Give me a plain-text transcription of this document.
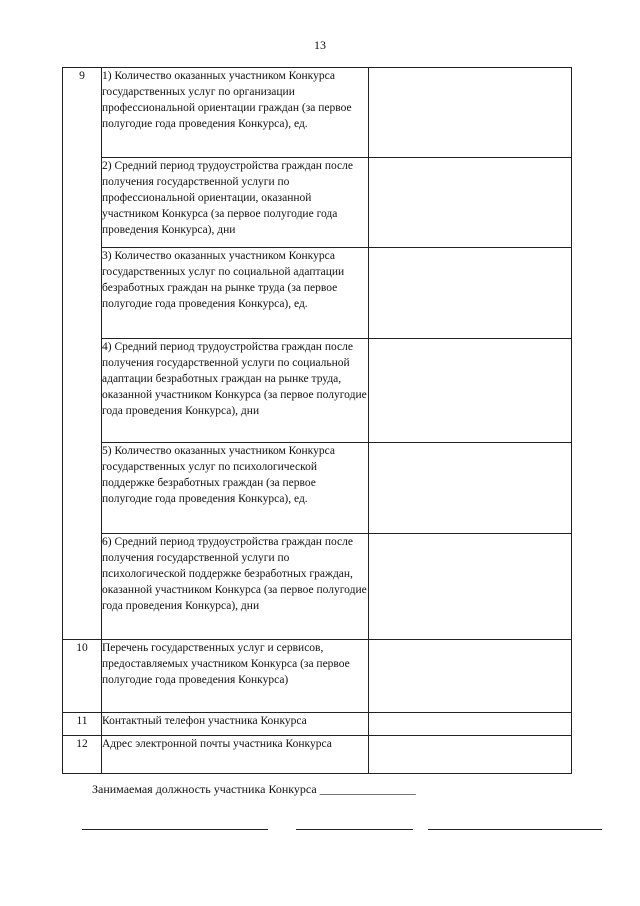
13
9	1) Количество оказанных участником Конкурса государственных услуг по организации профессиональной ориентации граждан (за первое полугодие года проведения Конкурса), ед.	
	2) Средний период трудоустройства граждан после получения государственной услуги по профессиональной ориентации, оказанной участником Конкурса (за первое полугодие года проведения Конкурса), дни	
	3) Количество оказанных участником Конкурса государственных услуг по социальной адаптации безработных граждан на рынке труда (за первое полугодие года проведения Конкурса), ед.	
	4) Средний период трудоустройства граждан после получения государственной услуги по социальной адаптации безработных граждан на рынке труда, оказанной участником Конкурса (за первое полугодие года проведения Конкурса), дни	
	5) Количество оказанных участником Конкурса государственных услуг по психологической поддержке безработных граждан (за первое полугодие года проведения Конкурса), ед.	
	6) Средний период трудоустройства граждан после получения государственной услуги по психологической поддержке безработных граждан, оказанной участником Конкурса (за первое полугодие года проведения Конкурса), дни	
10	Перечень государственных услуг и сервисов, предоставляемых участником Конкурса (за первое полугодие года проведения Конкурса)	
11	Контактный телефон участника Конкурса	
12	Адрес электронной почты участника Конкурса	
Занимаемая должность участника Конкурса ________________
